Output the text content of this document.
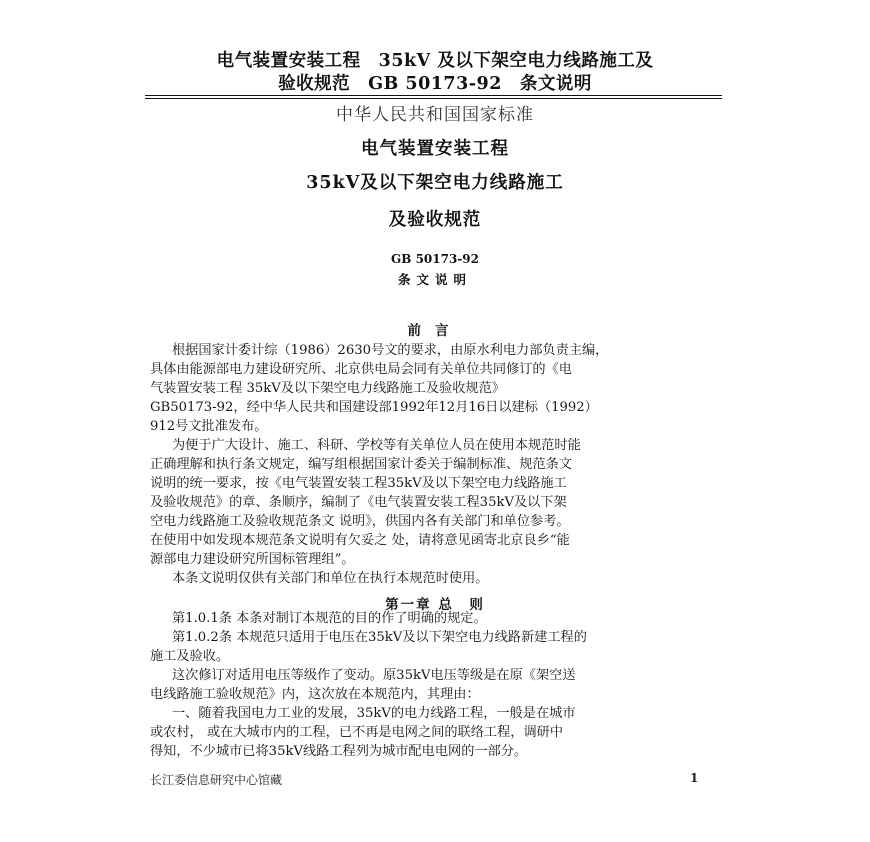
电气装置安装工程　35kV 及以下架空电力线路施工及
验收规范　GB 50173-92　条文说明
中华人民共和国国家标准
电气装置安装工程
35kV及以下架空电力线路施工
及验收规范
GB 50173-92
条文说明
前言
根据国家计委计综（1986）2630号文的要求，由原水利电力部负责主编，
具体由能源部电力建设研究所、北京供电局会同有关单位共同修订的《电
气装置安装工程 35kV及以下架空电力线路施工及验收规范》
GB50173-92，经中华人民共和国建设部1992年12月16日以建标（1992）
912号文批准发布。
为便于广大设计、施工、科研、学校等有关单位人员在使用本规范时能
正确理解和执行条文规定，编写组根据国家计委关于编制标准、规范条文
说明的统一要求，按《电气装置安装工程35kV及以下架空电力线路施工
及验收规范》的章、条顺序，编制了《电气装置安装工程35kV及以下架
空电力线路施工及验收规范条文 说明》，供国内各有关部门和单位参考。
在使用中如发现本规范条文说明有欠妥之 处，请将意见函寄北京良乡“能
源部电力建设研究所国标管理组”。
本条文说明仅供有关部门和单位在执行本规范时使用。
第一章 总　则
第1.0.1条 本条对制订本规范的目的作了明确的规定。
第1.0.2条 本规范只适用于电压在35kV及以下架空电力线路新建工程的
施工及验收。
这次修订对适用电压等级作了变动。原35kV电压等级是在原《架空送
电线路施工验收规范》内，这次放在本规范内，其理由：
一、随着我国电力工业的发展，35kV的电力线路工程，一般是在城市
或农村， 或在大城市内的工程，已不再是电网之间的联络工程，调研中
得知，不少城市已将35kV线路工程列为城市配电电网的一部分。
长江委信息研究中心馆藏	1
